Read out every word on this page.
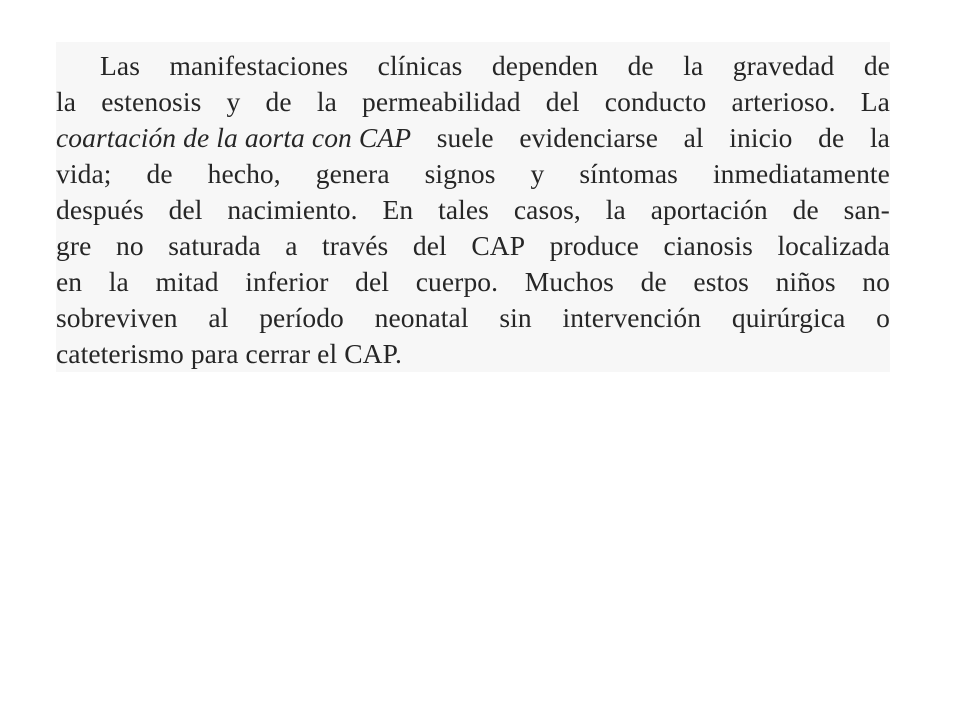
Las manifestaciones clínicas dependen de la gravedad de
la estenosis y de la permeabilidad del conducto arterioso. La
coartación de la aorta con CAP suele evidenciarse al inicio de la
vida; de hecho, genera signos y síntomas inmediatamente
después del nacimiento. En tales casos, la aportación de san-
gre no saturada a través del CAP produce cianosis localizada
en la mitad inferior del cuerpo. Muchos de estos niños no
sobreviven al período neonatal sin intervención quirúrgica o
cateterismo para cerrar el CAP.
